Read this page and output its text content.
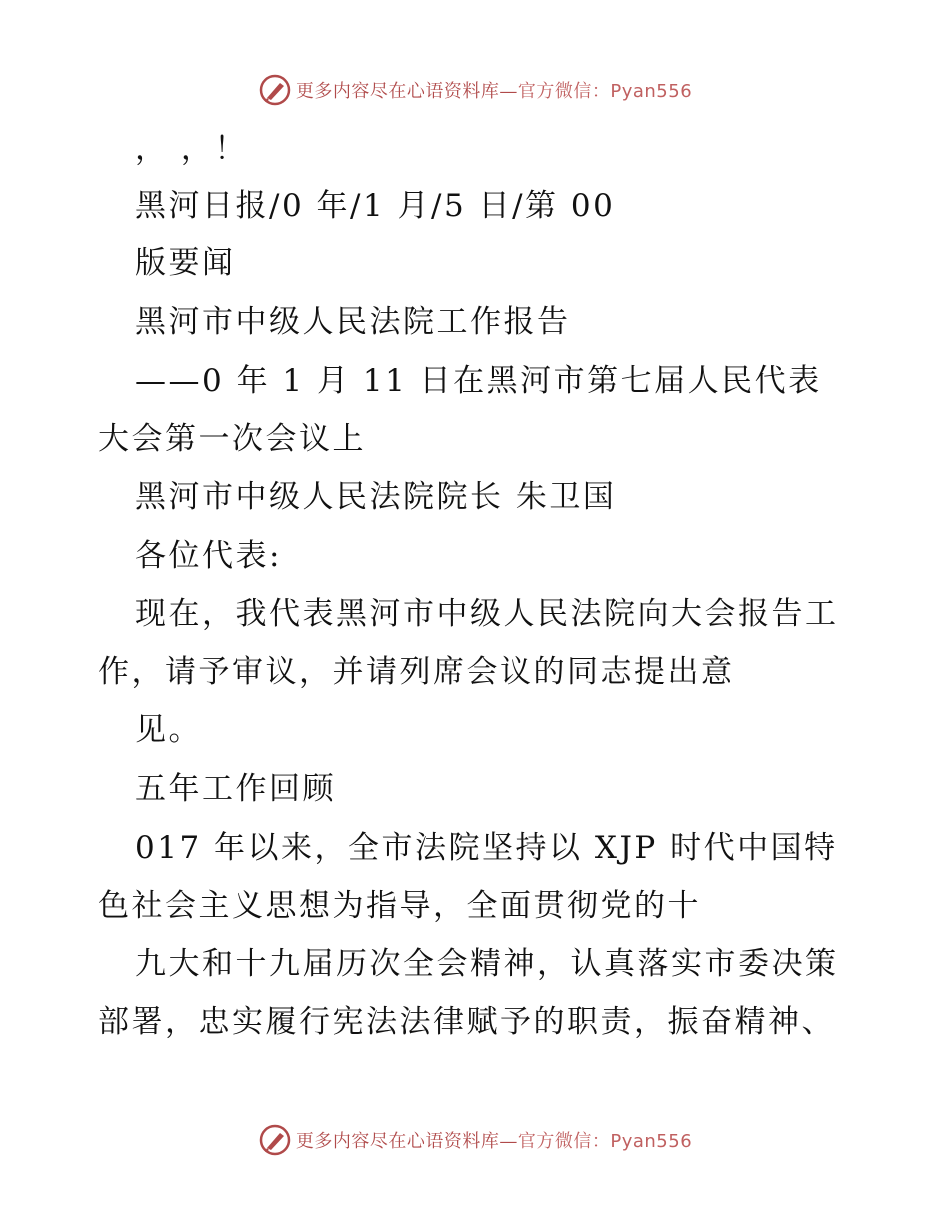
更多内容尽在心语资料库—官方微信：Pyan556
， ，！
黑河日报/0 年/1 月/5 日/第 00
版要闻
黑河市中级人民法院工作报告
——0 年 1 月 11 日在黑河市第七届人民代表
大会第一次会议上
黑河市中级人民法院院长 朱卫国
各位代表:
现在，我代表黑河市中级人民法院向大会报告工
作，请予审议，并请列席会议的同志提出意
见。
五年工作回顾
017 年以来，全市法院坚持以 XJP 时代中国特
色社会主义思想为指导，全面贯彻党的十
九大和十九届历次全会精神，认真落实市委决策
部署，忠实履行宪法法律赋予的职责，振奋精神、
更多内容尽在心语资料库—官方微信：Pyan556
